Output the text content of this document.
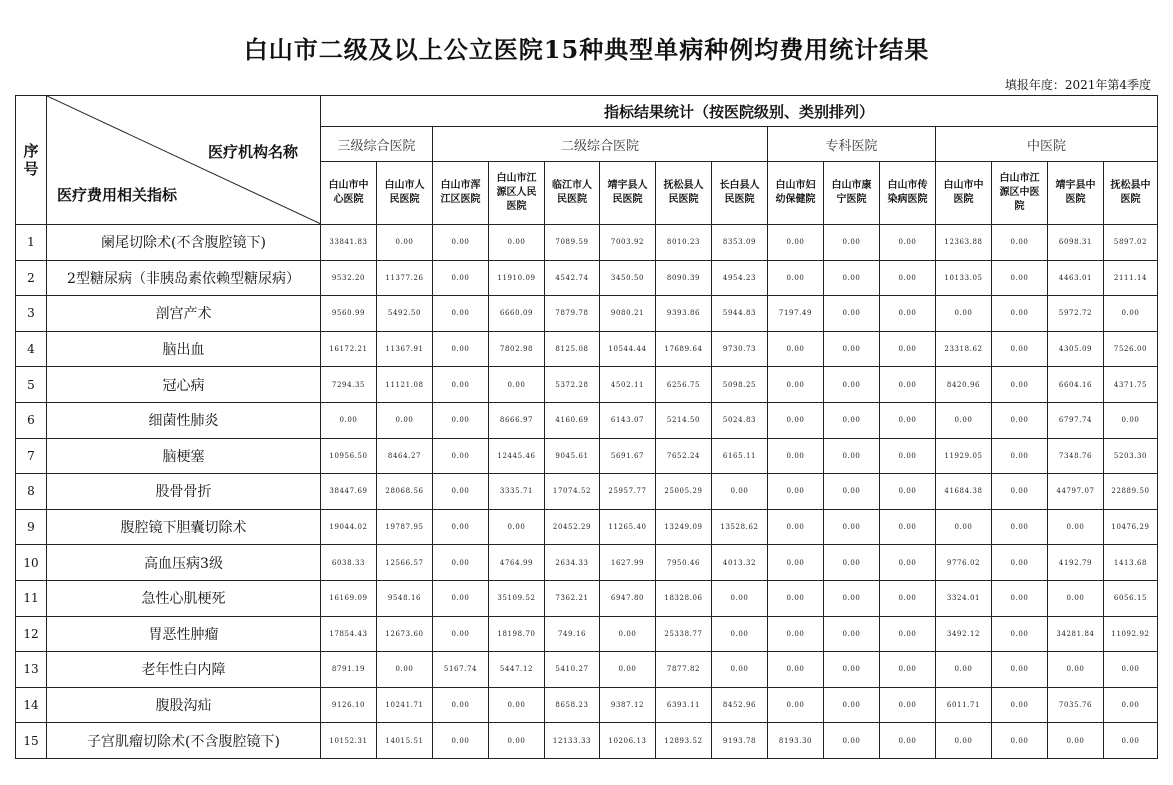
白山市二级及以上公立医院15种典型单病种例均费用统计结果
填报年度：2021年第4季度
序号	医疗机构名称
医疗费用相关指标	指标结果统计（按医院级别、类别排列）														
		三级综合医院		二级综合医院						专科医院			中医院			

		白山市中心医院	白山市人民医院	白山市浑江区医院	白山市江源区人民医院	临江市人民医院	靖宇县人民医院	抚松县人民医院	长白县人民医院	白山市妇幼保健院	白山市康宁医院	白山市传染病医院	白山市中医院	白山市江源区中医院	靖宇县中医院	抚松县中医院

1	阑尾切除术(不含腹腔镜下)	33841.83	0.00	0.00	0.00	7089.59	7003.92	8010.23	8353.09	0.00	0.00	0.00	12363.88	0.00	6098.31	5897.02
2	2型糖尿病（非胰岛素依赖型糖尿病）	9532.20	11377.26	0.00	11910.09	4542.74	3450.50	8090.39	4954.23	0.00	0.00	0.00	10133.05	0.00	4463.01	2111.14
3	剖宫产术	9560.99	5492.50	0.00	6660.09	7879.78	9080.21	9393.86	5944.83	7197.49	0.00	0.00	0.00	0.00	5972.72	0.00
4	脑出血	16172.21	11367.91	0.00	7802.98	8125.08	10544.44	17689.64	9730.73	0.00	0.00	0.00	23318.62	0.00	4305.09	7526.00
5	冠心病	7294.35	11121.08	0.00	0.00	5372.28	4502.11	6256.75	5098.25	0.00	0.00	0.00	8420.96	0.00	6604.16	4371.75
6	细菌性肺炎	0.00	0.00	0.00	8666.97	4160.69	6143.07	5214.50	5024.83	0.00	0.00	0.00	0.00	0.00	6797.74	0.00
7	脑梗塞	10956.50	8464.27	0.00	12445.46	9045.61	5691.67	7652.24	6165.11	0.00	0.00	0.00	11929.05	0.00	7348.76	5203.30
8	股骨骨折	38447.69	28068.56	0.00	3335.71	17074.52	25957.77	25005.29	0.00	0.00	0.00	0.00	41684.38	0.00	44797.07	22889.50
9	腹腔镜下胆囊切除术	19044.02	19787.95	0.00	0.00	20452.29	11265.40	13249.09	13528.62	0.00	0.00	0.00	0.00	0.00	0.00	10476.29
10	高血压病3级	6038.33	12566.57	0.00	4764.99	2634.33	1627.99	7950.46	4013.32	0.00	0.00	0.00	9776.02	0.00	4192.79	1413.68
11	急性心肌梗死	16169.09	9548.16	0.00	35109.52	7362.21	6947.80	18328.06	0.00	0.00	0.00	0.00	3324.01	0.00	0.00	6056.15
12	胃恶性肿瘤	17854.43	12673.60	0.00	18198.70	749.16	0.00	25338.77	0.00	0.00	0.00	0.00	3492.12	0.00	34281.84	11092.92
13	老年性白内障	8791.19	0.00	5167.74	5447.12	5410.27	0.00	7877.82	0.00	0.00	0.00	0.00	0.00	0.00	0.00	0.00
14	腹股沟疝	9126.10	10241.71	0.00	0.00	8658.23	9387.12	6393.11	8452.96	0.00	0.00	0.00	6011.71	0.00	7035.76	0.00
15	子宫肌瘤切除术(不含腹腔镜下)	10152.31	14015.51	0.00	0.00	12133.33	10206.13	12893.52	9193.78	8193.30	0.00	0.00	0.00	0.00	0.00	0.00
